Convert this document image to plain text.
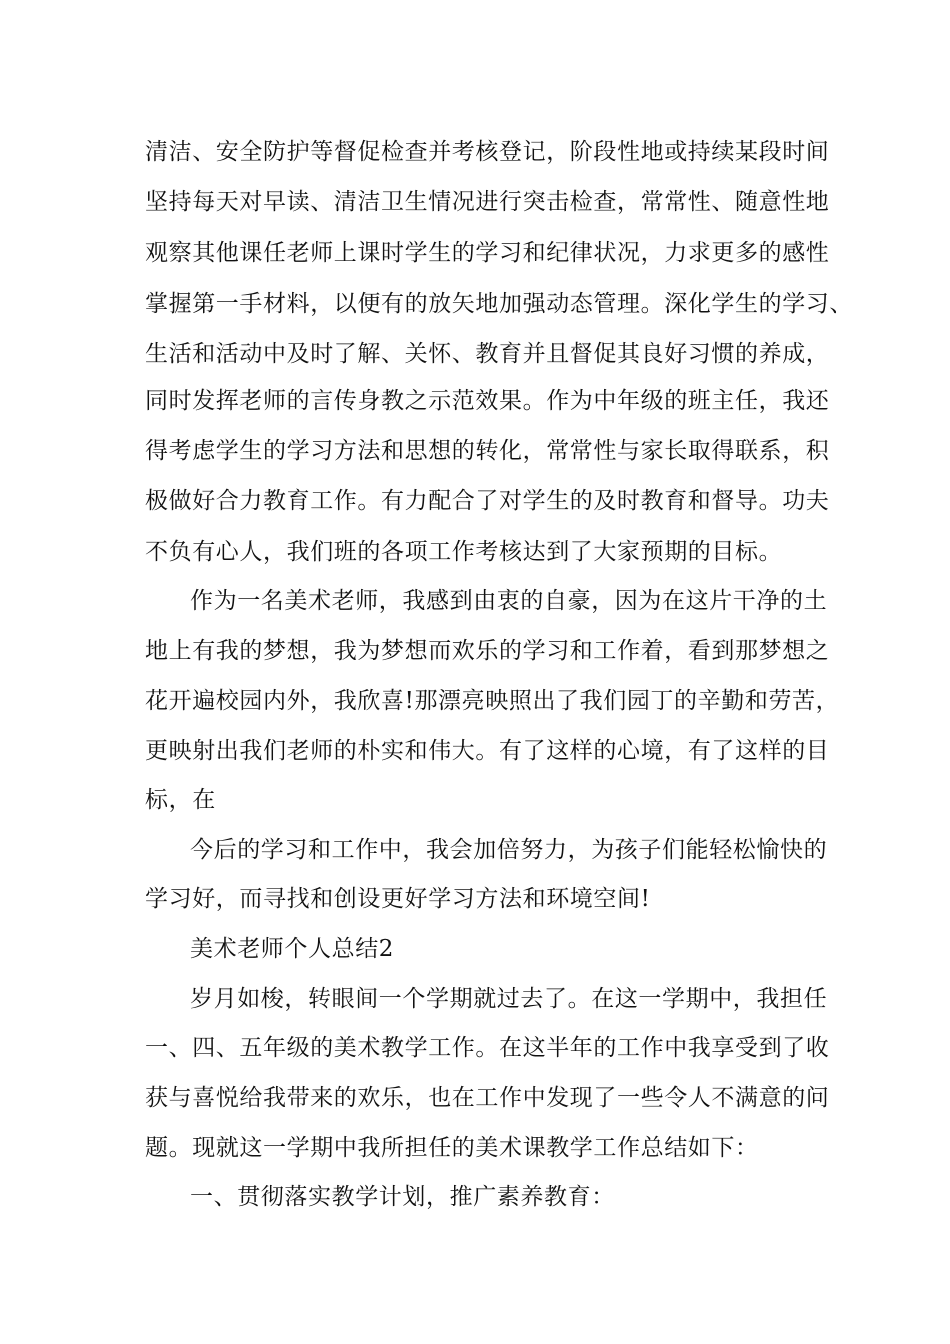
清洁、安全防护等督促检查并考核登记，阶段性地或持续某段时间
坚持每天对早读、清洁卫生情况进行突击检查，常常性、随意性地
观察其他课任老师上课时学生的学习和纪律状况，力求更多的感性
掌握第一手材料，以便有的放矢地加强动态管理。深化学生的学习、
生活和活动中及时了解、关怀、教育并且督促其良好习惯的养成，
同时发挥老师的言传身教之示范效果。作为中年级的班主任，我还
得考虑学生的学习方法和思想的转化，常常性与家长取得联系，积
极做好合力教育工作。有力配合了对学生的及时教育和督导。功夫
不负有心人，我们班的各项工作考核达到了大家预期的目标。
作为一名美术老师，我感到由衷的自豪，因为在这片干净的土
地上有我的梦想，我为梦想而欢乐的学习和工作着，看到那梦想之
花开遍校园内外，我欣喜!那漂亮映照出了我们园丁的辛勤和劳苦，
更映射出我们老师的朴实和伟大。有了这样的心境，有了这样的目
标，在
今后的学习和工作中，我会加倍努力，为孩子们能轻松愉快的
学习好，而寻找和创设更好学习方法和环境空间!
美术老师个人总结2
岁月如梭，转眼间一个学期就过去了。在这一学期中，我担任
一、四、五年级的美术教学工作。在这半年的工作中我享受到了收
获与喜悦给我带来的欢乐，也在工作中发现了一些令人不满意的问
题。现就这一学期中我所担任的美术课教学工作总结如下：
一、贯彻落实教学计划，推广素养教育：
